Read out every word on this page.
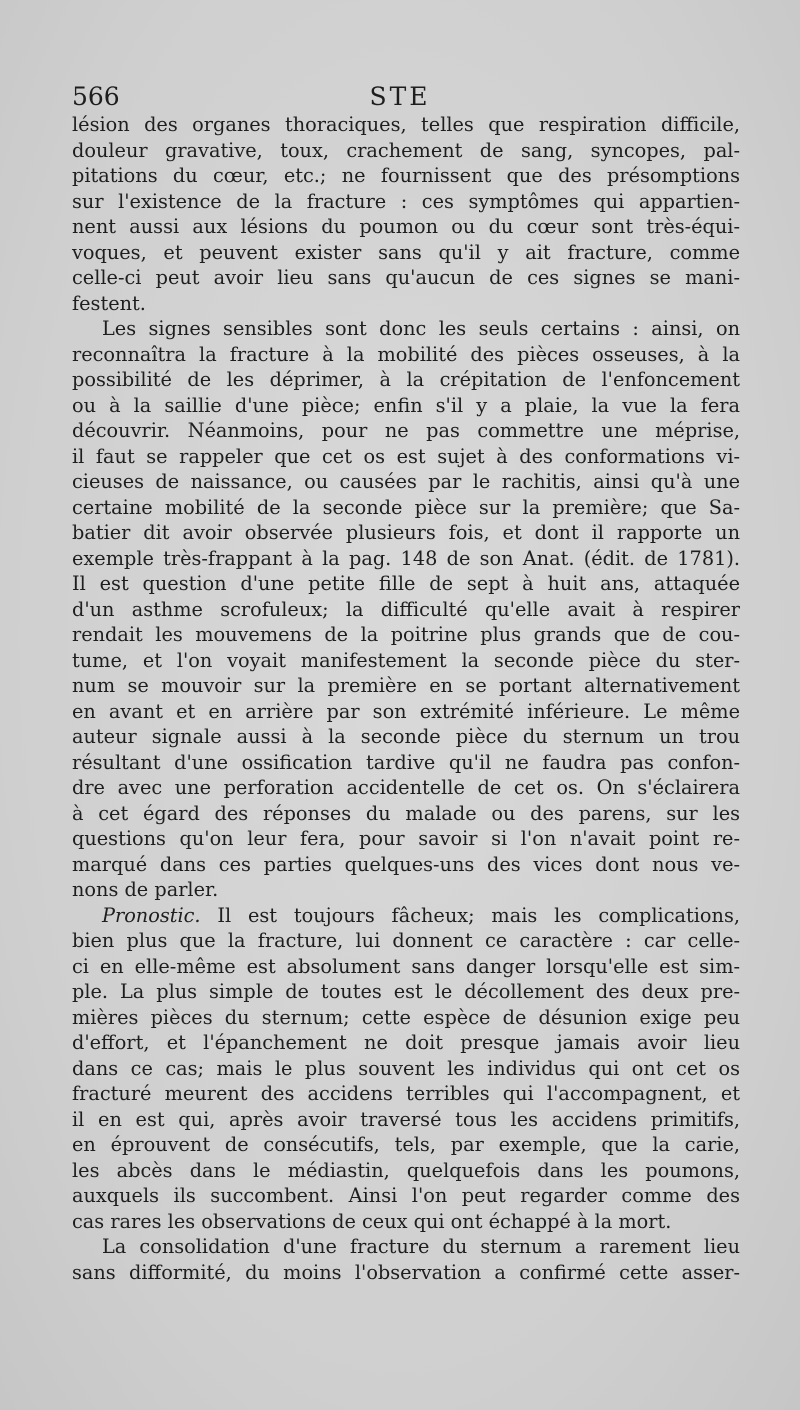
566	STE
lésion des organes thoraciques, telles que respiration difficile,
douleur gravative, toux, crachement de sang, syncopes, pal-
pitations du cœur, etc.; ne fournissent que des présomptions
sur l'existence de la fracture : ces symptômes qui appartien-
nent aussi aux lésions du poumon ou du cœur sont très-équi-
voques, et peuvent exister sans qu'il y ait fracture, comme
celle-ci peut avoir lieu sans qu'aucun de ces signes se mani-
festent.
Les signes sensibles sont donc les seuls certains : ainsi, on
reconnaîtra la fracture à la mobilité des pièces osseuses, à la
possibilité de les déprimer, à la crépitation de l'enfoncement
ou à la saillie d'une pièce; enfin s'il y a plaie, la vue la fera
découvrir. Néanmoins, pour ne pas commettre une méprise,
il faut se rappeler que cet os est sujet à des conformations vi-
cieuses de naissance, ou causées par le rachitis, ainsi qu'à une
certaine mobilité de la seconde pièce sur la première; que Sa-
batier dit avoir observée plusieurs fois, et dont il rapporte un
exemple très-frappant à la pag. 148 de son Anat. (édit. de 1781).
Il est question d'une petite fille de sept à huit ans, attaquée
d'un asthme scrofuleux; la difficulté qu'elle avait à respirer
rendait les mouvemens de la poitrine plus grands que de cou-
tume, et l'on voyait manifestement la seconde pièce du ster-
num se mouvoir sur la première en se portant alternativement
en avant et en arrière par son extrémité inférieure. Le même
auteur signale aussi à la seconde pièce du sternum un trou
résultant d'une ossification tardive qu'il ne faudra pas confon-
dre avec une perforation accidentelle de cet os. On s'éclairera
à cet égard des réponses du malade ou des parens, sur les
questions qu'on leur fera, pour savoir si l'on n'avait point re-
marqué dans ces parties quelques-uns des vices dont nous ve-
nons de parler.
Pronostic. Il est toujours fâcheux; mais les complications,
bien plus que la fracture, lui donnent ce caractère : car celle-
ci en elle-même est absolument sans danger lorsqu'elle est sim-
ple. La plus simple de toutes est le décollement des deux pre-
mières pièces du sternum; cette espèce de désunion exige peu
d'effort, et l'épanchement ne doit presque jamais avoir lieu
dans ce cas; mais le plus souvent les individus qui ont cet os
fracturé meurent des accidens terribles qui l'accompagnent, et
il en est qui, après avoir traversé tous les accidens primitifs,
en éprouvent de consécutifs, tels, par exemple, que la carie,
les abcès dans le médiastin, quelquefois dans les poumons,
auxquels ils succombent. Ainsi l'on peut regarder comme des
cas rares les observations de ceux qui ont échappé à la mort.
La consolidation d'une fracture du sternum a rarement lieu
sans difformité, du moins l'observation a confirmé cette asser-
